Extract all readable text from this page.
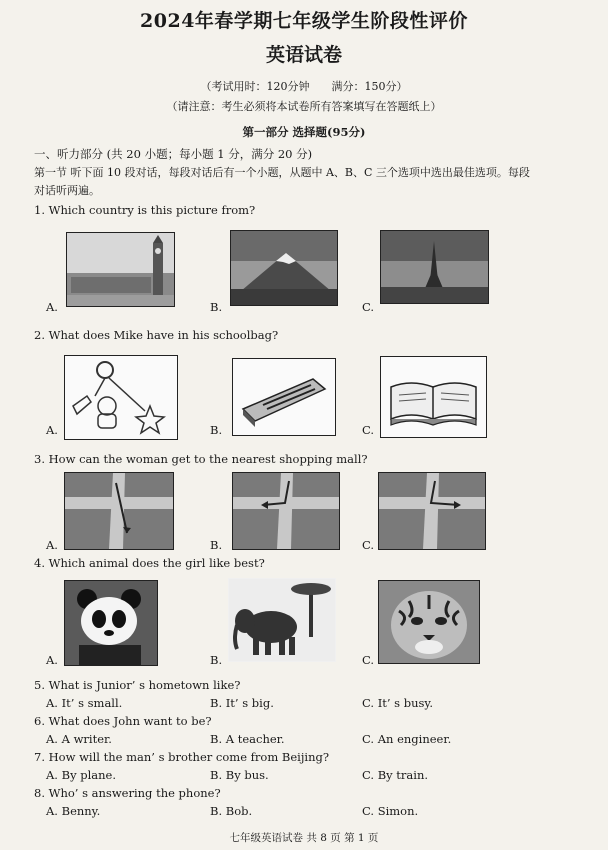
2024年春学期七年级学生阶段性评价
英语试卷
（考试用时：120分钟　　满分：150分）
（请注意：考生必须将本试卷所有答案填写在答题纸上）
第一部分 选择题(95分)
一、听力部分 (共 20 小题；每小题 1 分，满分 20 分)
第一节 听下面 10 段对话，每段对话后有一个小题，从题中 A、B、C 三个选项中选出最佳选项。每段
对话听两遍。
1. Which country is this picture from?
A.	B.	C.
2. What does Mike have in his schoolbag?
A.	B.	C.
3. How can the woman get to the nearest shopping mall?
A.	B.	C.
4. Which animal does the girl like best?
A.	B.	C.
5. What is Junior’ s hometown like?
A. It’ s small.	B. It’ s big.	C. It’ s busy.
6. What does John want to be?
A. A writer.	B. A teacher.	C. An engineer.
7. How will the man’ s brother come from Beijing?
A. By plane.	B. By bus.	C. By train.
8. Who’ s answering the phone?
A. Benny.	B. Bob.	C. Simon.
七年级英语试卷 共 8 页 第 1 页
